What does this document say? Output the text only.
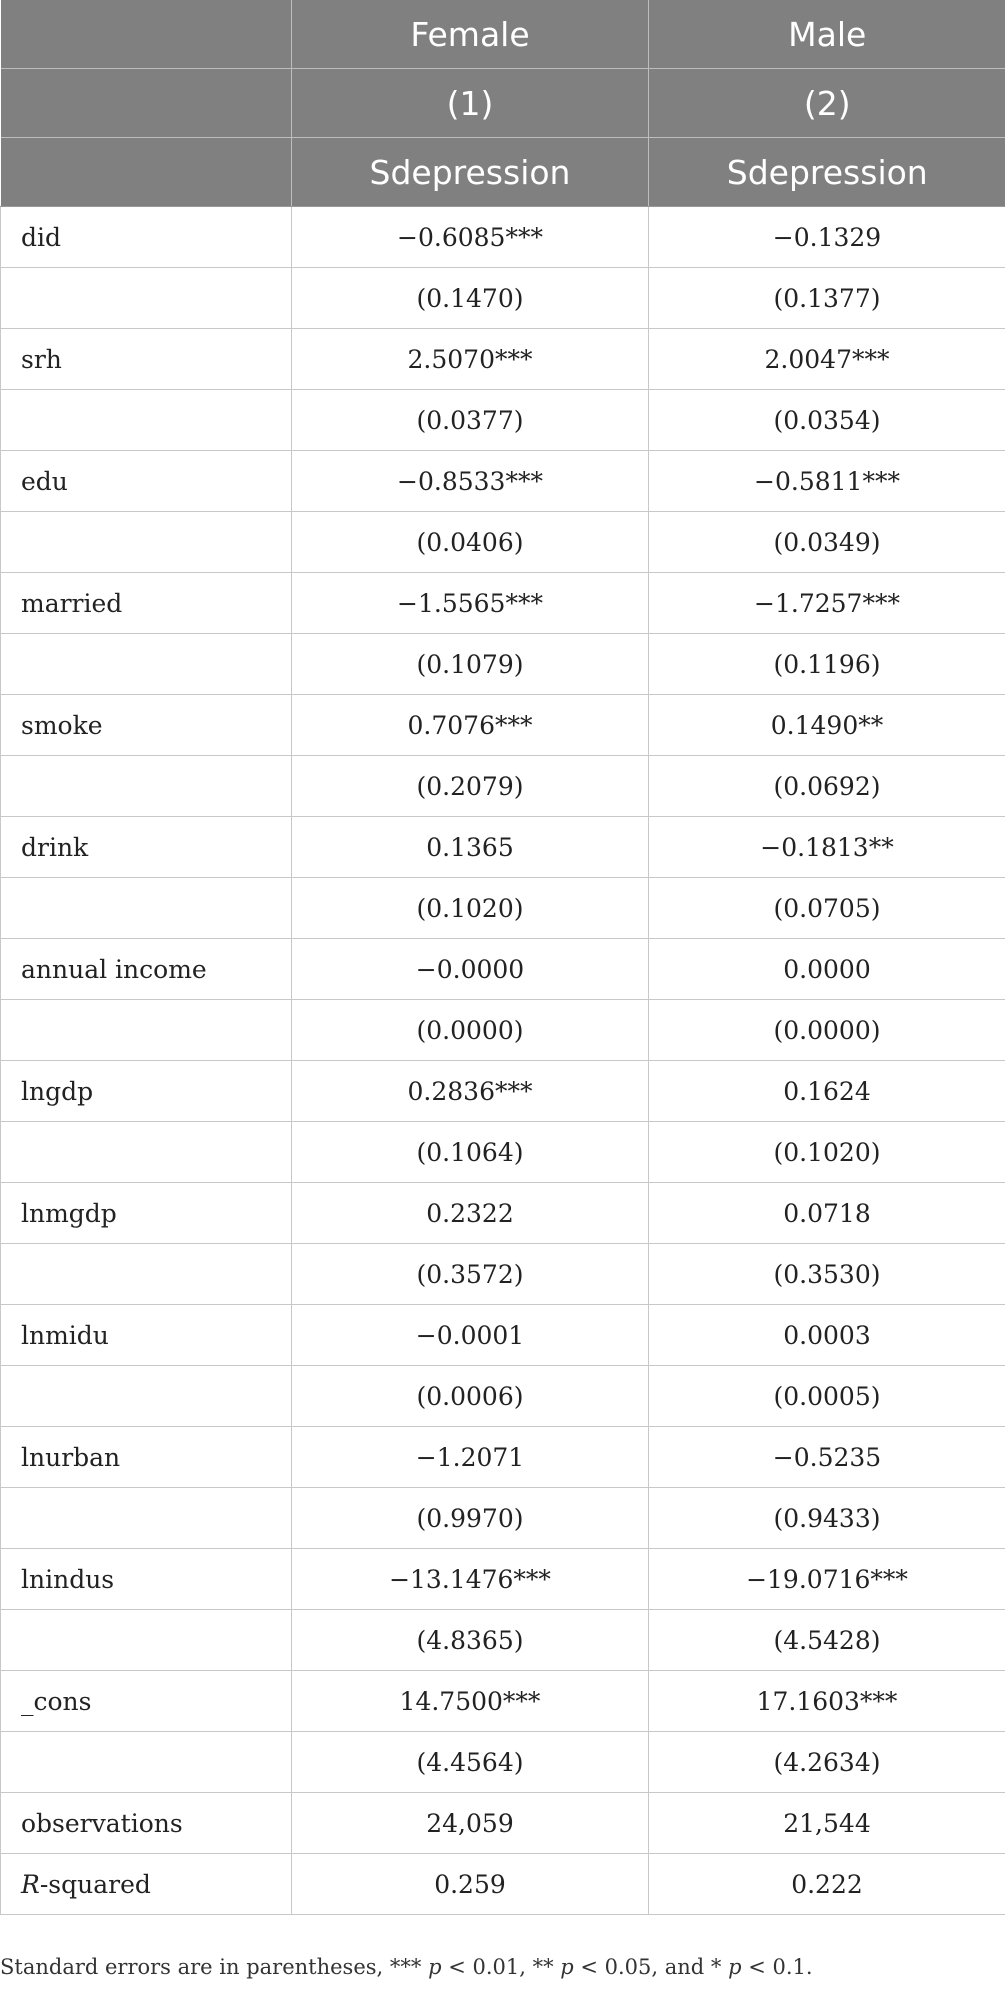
	Female	Male
	(1)	(2)
	Sdepression	Sdepression
did	−0.6085***	−0.1329
	(0.1470)	(0.1377)
srh	2.5070***	2.0047***
	(0.0377)	(0.0354)
edu	−0.8533***	−0.5811***
	(0.0406)	(0.0349)
married	−1.5565***	−1.7257***
	(0.1079)	(0.1196)
smoke	0.7076***	0.1490**
	(0.2079)	(0.0692)
drink	0.1365	−0.1813**
	(0.1020)	(0.0705)
annual income	−0.0000	0.0000
	(0.0000)	(0.0000)
lngdp	0.2836***	0.1624
	(0.1064)	(0.1020)
lnmgdp	0.2322	0.0718
	(0.3572)	(0.3530)
lnmidu	−0.0001	0.0003
	(0.0006)	(0.0005)
lnurban	−1.2071	−0.5235
	(0.9970)	(0.9433)
lnindus	−13.1476***	−19.0716***
	(4.8365)	(4.5428)
_cons	14.7500***	17.1603***
	(4.4564)	(4.2634)
observations	24,059	21,544
R-squared	0.259	0.222
Standard errors are in parentheses, *** p < 0.01, ** p < 0.05, and * p < 0.1.
